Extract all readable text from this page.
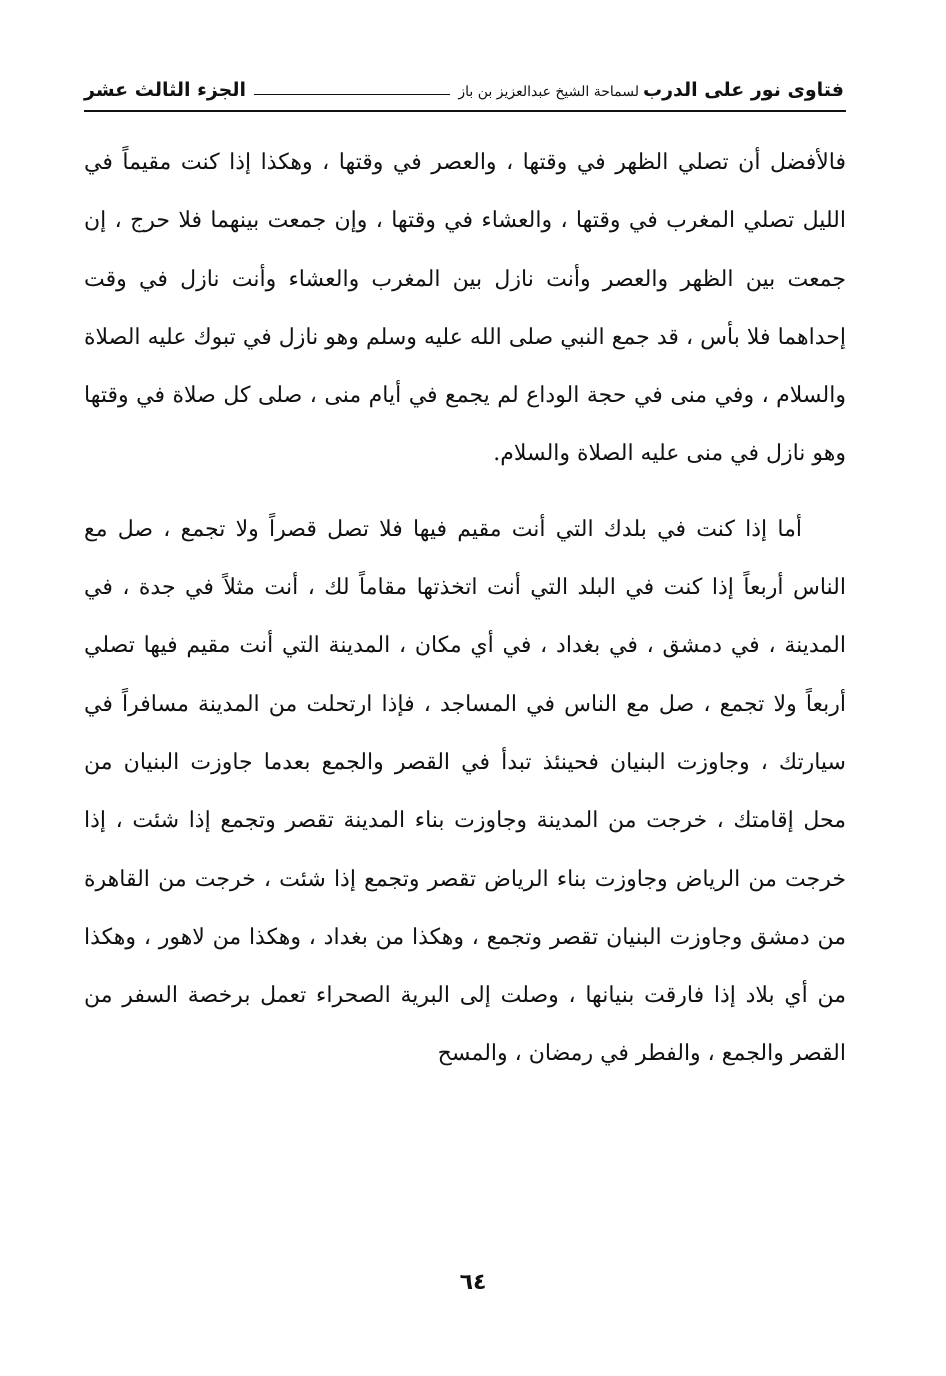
فتاوى نور على الدرب
لسماحة الشيخ عبدالعزيز بن باز
الجزء الثالث عشر

فالأفضل أن تصلي الظهر في وقتها ، والعصر في وقتها ، وهكذا إذا كنت مقيماً في الليل تصلي المغرب في وقتها ، والعشاء في وقتها ، وإن جمعت بينهما فلا حرج ، إن جمعت بين الظهر والعصر وأنت نازل بين المغرب والعشاء وأنت نازل في وقت إحداهما فلا بأس ، قد جمع النبي صلى الله عليه وسلم وهو نازل في تبوك عليه الصلاة والسلام ، وفي منى في حجة الوداع لم يجمع في أيام منى ، صلى كل صلاة في وقتها وهو نازل في منى عليه الصلاة والسلام.

أما إذا كنت في بلدك التي أنت مقيم فيها فلا تصل قصراً ولا تجمع ، صل مع الناس أربعاً إذا كنت في البلد التي أنت اتخذتها مقاماً لك ، أنت مثلاً في جدة ، في المدينة ، في دمشق ، في بغداد ، في أي مكان ، المدينة التي أنت مقيم فيها تصلي أربعاً ولا تجمع ، صل مع الناس في المساجد ، فإذا ارتحلت من المدينة مسافراً في سيارتك ، وجاوزت البنيان فحينئذ تبدأ في القصر والجمع بعدما جاوزت البنيان من محل إقامتك ، خرجت من المدينة وجاوزت بناء المدينة تقصر وتجمع إذا شئت ، إذا خرجت من الرياض وجاوزت بناء الرياض تقصر وتجمع إذا شئت ، خرجت من القاهرة من دمشق وجاوزت البنيان تقصر وتجمع ، وهكذا من بغداد ، وهكذا من لاهور ، وهكذا من أي بلاد إذا فارقت بنيانها ، وصلت إلى البرية الصحراء تعمل برخصة السفر من القصر والجمع ، والفطر في رمضان ، والمسح

٦٤
